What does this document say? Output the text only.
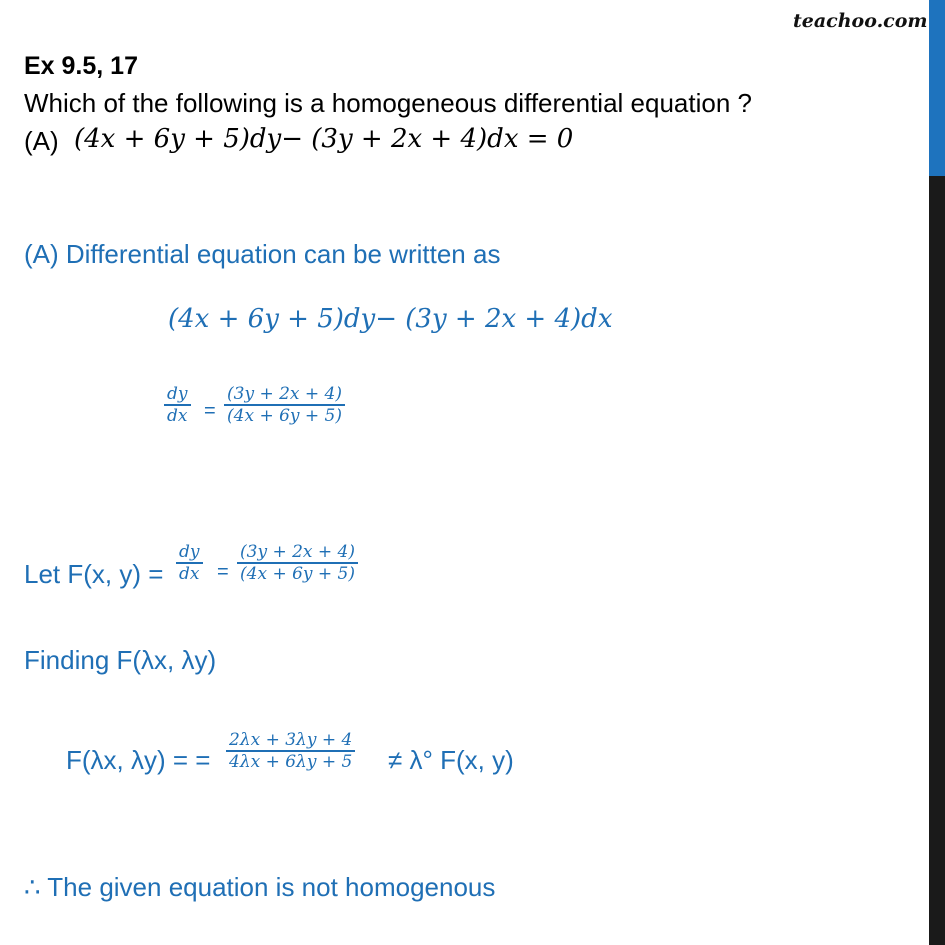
teachoo.com
Ex 9.5, 17
Which of the following is a homogeneous differential equation ?
(A) (4x + 6y + 5)dy− (3y + 2x + 4)dx = 0
(A) Differential equation can be written as
(4x + 6y + 5)dy− (3y + 2x + 4)dx
dy
dx =
(3y + 2x + 4)
(4x + 6y + 5)
Let F(x, y) =
dy
dx =
(3y + 2x + 4)
(4x + 6y + 5)
Finding F(λx, λy)
F(λx, λy) = =
2λx + 3λy + 4
4λx + 6λy + 5 ≠ λ° F(x, y)
∴ The given equation is not homogenous
